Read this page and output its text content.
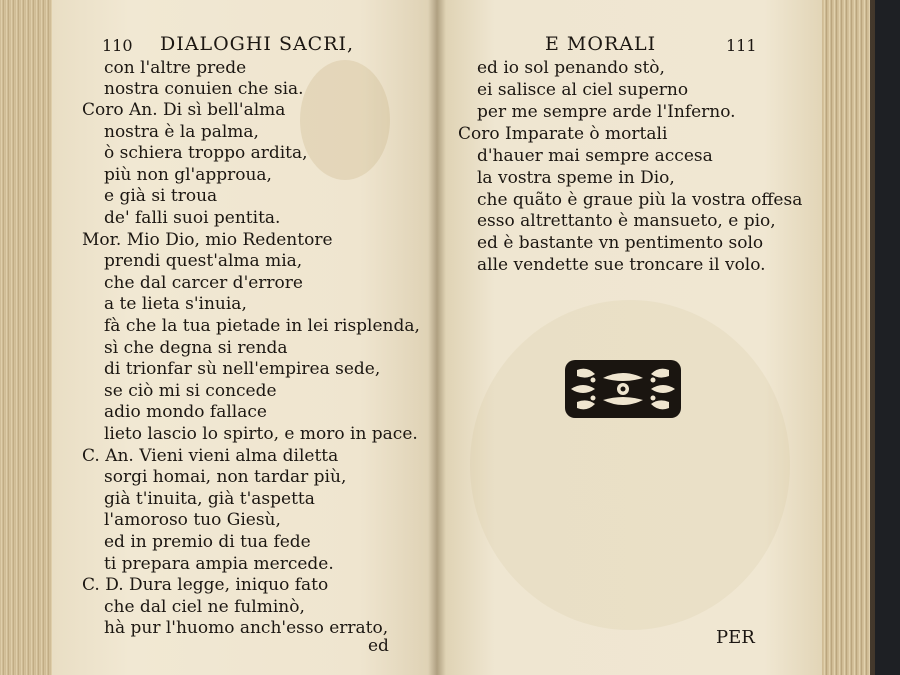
110 DIALOGHI SACRI,
con l'altre prede
nostra conuien che sia.
Coro An. Di sì bell'alma
nostra è la palma,
ò schiera troppo ardita,
più non gl'approua,
e già si troua
de' falli suoi pentita.
Mor. Mio Dio, mio Redentore
prendi quest'alma mia,
che dal carcer d'errore
a te lieta s'inuia,
fà che la tua pietade in lei risplenda,
sì che degna si renda
di trionfar sù nell'empirea sede,
se ciò mi si concede
adio mondo fallace
lieto lascio lo spirto, e moro in pace.
C. An. Vieni vieni alma diletta
sorgi homai, non tardar più,
già t'inuita, già t'aspetta
l'amoroso tuo Giesù,
ed in premio di tua fede
ti prepara ampia mercede.
C. D. Dura legge, iniquo fato
che dal ciel ne fulminò,
hà pur l'huomo anch'esso errato,
ed
E MORALI	111
ed io sol penando stò,
ei salisce al ciel superno
per me sempre arde l'Inferno.
Coro Imparate ò mortali
d'hauer mai sempre accesa
la vostra speme in Dio,
che quãto è graue più la vostra offesa
esso altrettanto è mansueto, e pio,
ed è bastante vn pentimento solo
alle vendette sue troncare il volo.
PER
